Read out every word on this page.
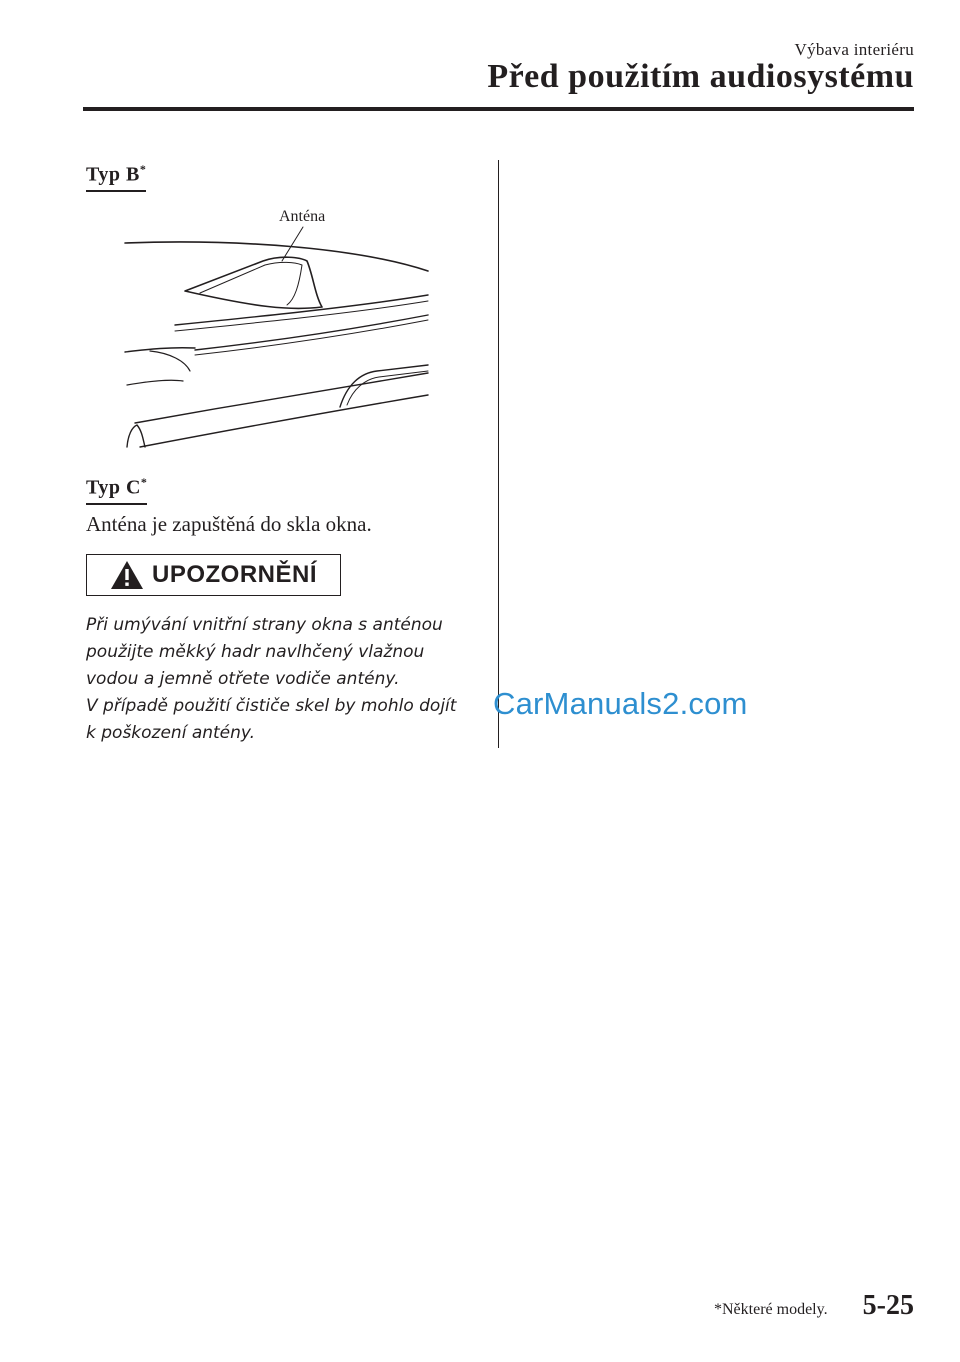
Výbava interiéru
Před použitím audiosystému
Typ B*
Anténa
Typ C*
Anténa je zapuštěná do skla okna.
UPOZORNĚNÍ

Při umývání vnitřní strany okna s anténou

použijte měkký hadr navlhčený vlažnou

vodou a jemně otřete vodiče antény.

V případě použití čističe skel by mohlo dojít

k poškození antény.

CarManuals2.com
*Některé modely. 5-25
